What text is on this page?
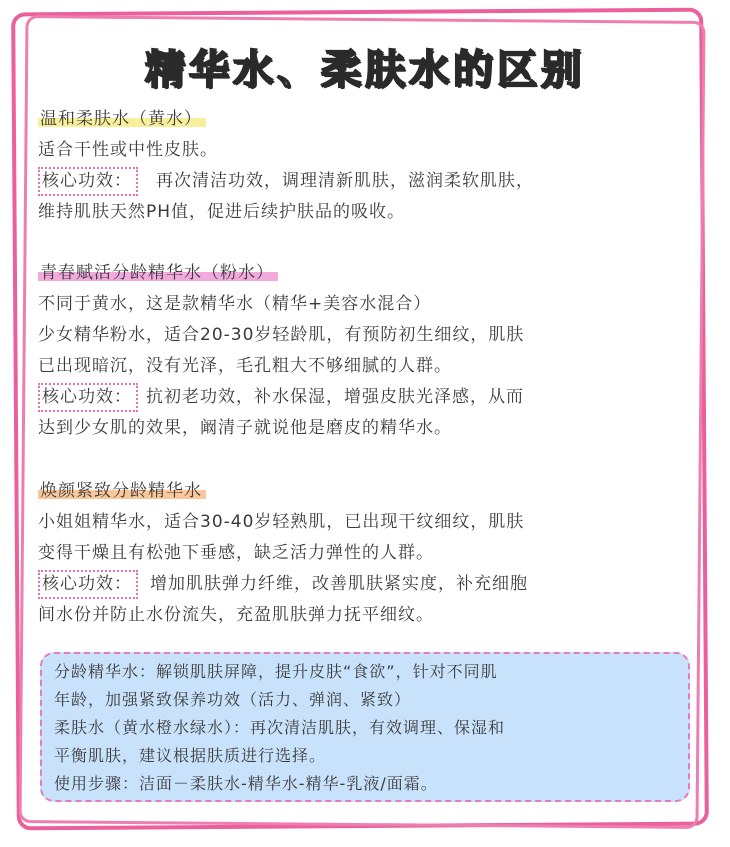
精华水、柔肤水的区别
温和柔肤水（黄水）
适合干性或中性皮肤。
核心功效： 再次清洁功效，调理清新肌肤，滋润柔软肌肤，
维持肌肤天然PH值，促进后续护肤品的吸收。
青春赋活分龄精华水（粉水）
不同于黄水，这是款精华水（精华+美容水混合）
少女精华粉水，适合20-30岁轻龄肌，有预防初生细纹，肌肤
已出现暗沉，没有光泽，毛孔粗大不够细腻的人群。
核心功效： 抗初老功效，补水保湿，增强皮肤光泽感，从而
达到少女肌的效果，阚清子就说他是磨皮的精华水。
焕颜紧致分龄精华水
小姐姐精华水，适合30-40岁轻熟肌，已出现干纹细纹，肌肤
变得干燥且有松弛下垂感，缺乏活力弹性的人群。
核心功效： 增加肌肤弹力纤维，改善肌肤紧实度，补充细胞
间水份并防止水份流失，充盈肌肤弹力抚平细纹。
分龄精华水：解锁肌肤屏障，提升皮肤“食欲”，针对不同肌
年龄，加强紧致保养功效（活力、弹润、紧致）
柔肤水（黄水橙水绿水）：再次清洁肌肤，有效调理、保湿和
平衡肌肤，建议根据肤质进行选择。
使用步骤：洁面－柔肤水-精华水-精华-乳液/面霜。
